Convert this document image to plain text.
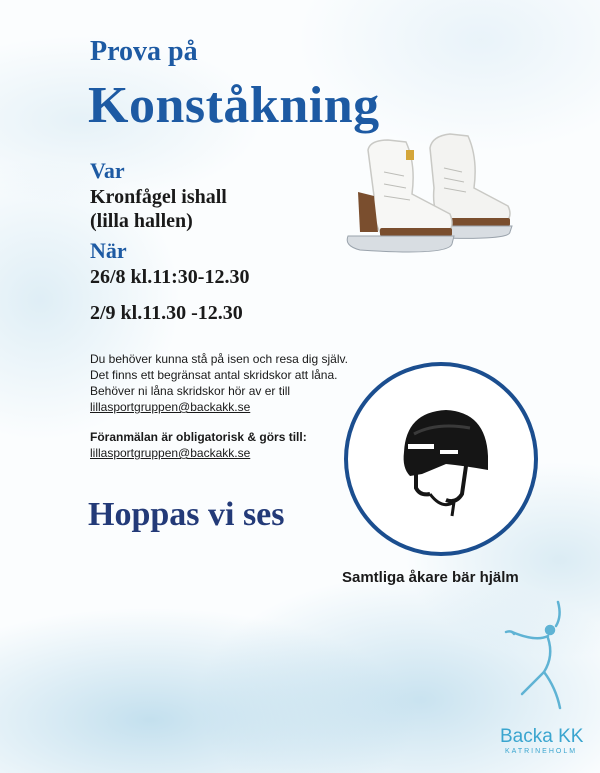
Prova på

Konståkning

Var

Kronfågel ishall

(lilla hallen)

När

26/8 kl.11:30-12.30

2/9 kl.11.30 -12.30

Du behöver kunna stå på isen och resa dig själv.

Det finns ett begränsat antal skridskor att låna.

Behöver ni låna skridskor hör av er till

lillasportgruppen@backakk.se

Föranmälan är obligatorisk & görs till:

lillasportgruppen@backakk.se

Hoppas vi ses

Samtliga åkare bär hjälm

Backa KK
KATRINEHOLM
